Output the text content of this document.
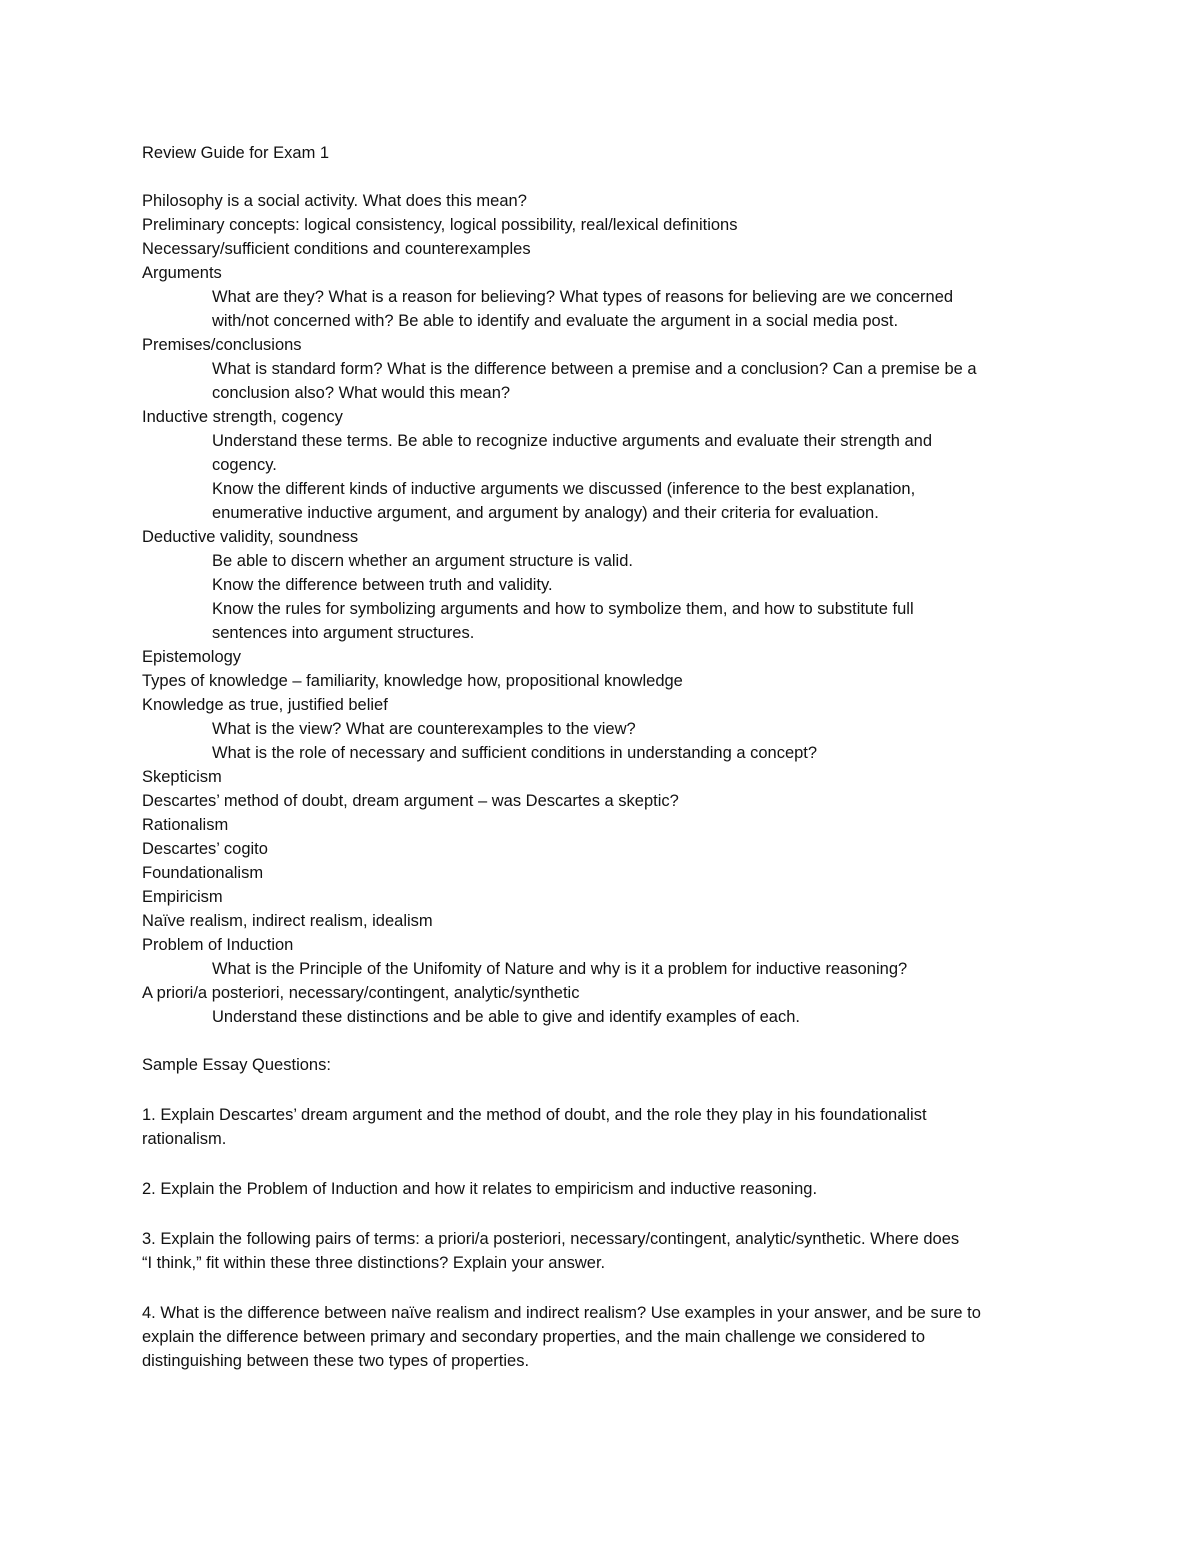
Review Guide for Exam 1
Philosophy is a social activity. What does this mean?
Preliminary concepts: logical consistency, logical possibility, real/lexical definitions
Necessary/sufficient conditions and counterexamples
Arguments
What are they? What is a reason for believing? What types of reasons for believing are we concerned
with/not concerned with? Be able to identify and evaluate the argument in a social media post.
Premises/conclusions
What is standard form? What is the difference between a premise and a conclusion? Can a premise be a
conclusion also? What would this mean?
Inductive strength, cogency
Understand these terms. Be able to recognize inductive arguments and evaluate their strength and
cogency.
Know the different kinds of inductive arguments we discussed (inference to the best explanation,
enumerative inductive argument, and argument by analogy) and their criteria for evaluation.
Deductive validity, soundness
Be able to discern whether an argument structure is valid.
Know the difference between truth and validity.
Know the rules for symbolizing arguments and how to symbolize them, and how to substitute full
sentences into argument structures.
Epistemology
Types of knowledge – familiarity, knowledge how, propositional knowledge
Knowledge as true, justified belief
What is the view? What are counterexamples to the view?
What is the role of necessary and sufficient conditions in understanding a concept?
Skepticism
Descartes’ method of doubt, dream argument – was Descartes a skeptic?
Rationalism
Descartes’ cogito
Foundationalism
Empiricism
Naïve realism, indirect realism, idealism
Problem of Induction
What is the Principle of the Unifomity of Nature and why is it a problem for inductive reasoning?
A priori/a posteriori, necessary/contingent, analytic/synthetic
Understand these distinctions and be able to give and identify examples of each.
Sample Essay Questions:
1. Explain Descartes’ dream argument and the method of doubt, and the role they play in his foundationalist
rationalism.
2. Explain the Problem of Induction and how it relates to empiricism and inductive reasoning.
3. Explain the following pairs of terms: a priori/a posteriori, necessary/contingent, analytic/synthetic. Where does
“I think,” fit within these three distinctions? Explain your answer.
4. What is the difference between naïve realism and indirect realism? Use examples in your answer, and be sure to
explain the difference between primary and secondary properties, and the main challenge we considered to
distinguishing between these two types of properties.
